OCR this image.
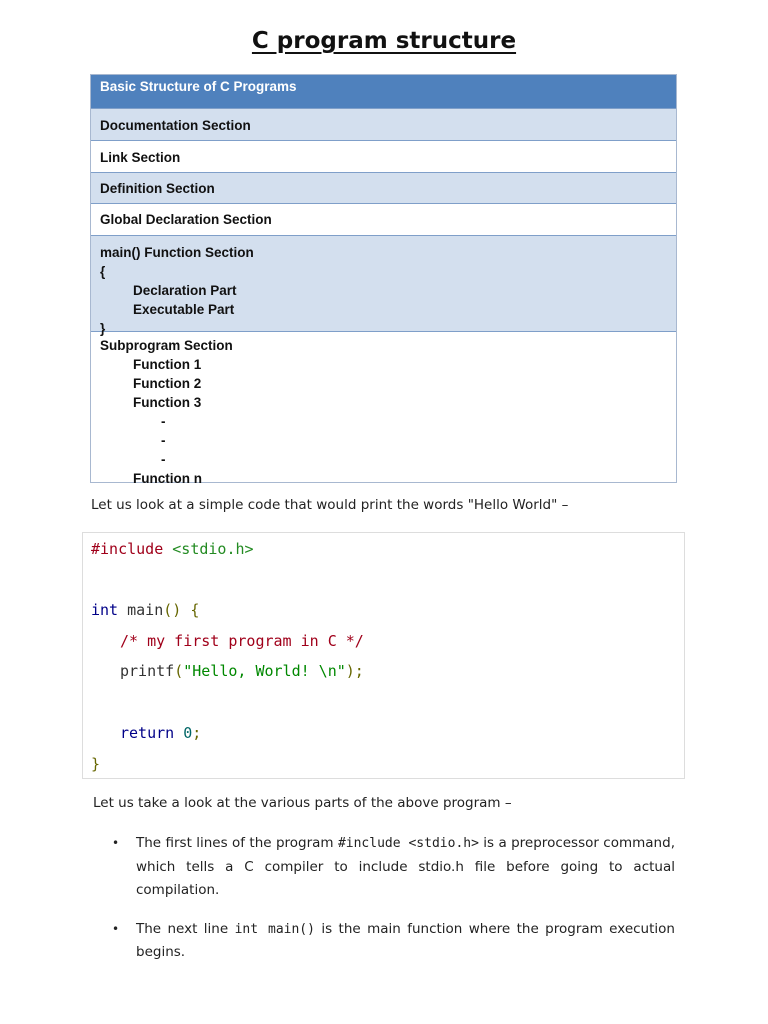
C program structure
Basic Structure of C Programs
Documentation Section
Link Section
Definition Section
Global Declaration Section
main() Function Section
{
Declaration Part
Executable Part
}
Subprogram Section
Function 1
Function 2
Function 3
-
-
-
Function n
Let us look at a simple code that would print the words "Hello World" –
#include <stdio.h>
int main() {
/* my first program in C */
printf("Hello, World! \n");
return 0;
}
Let us take a look at the various parts of the above program –
• The first lines of the program #include <stdio.h> is a preprocessor command, which tells a C compiler to include stdio.h file before going to actual compilation.
• The next line int main() is the main function where the program execution begins.
